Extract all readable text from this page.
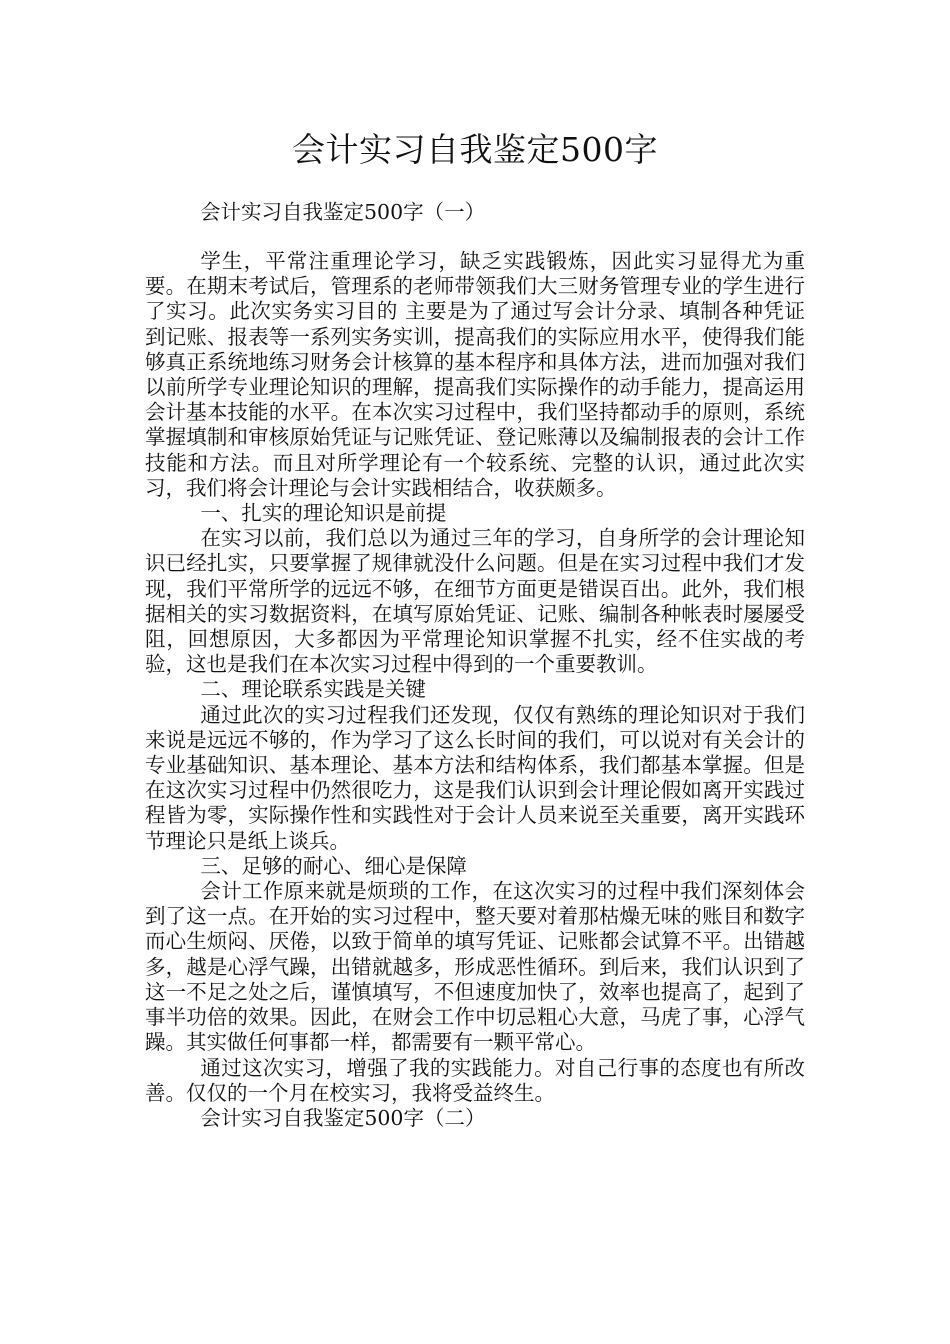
会计实习自我鉴定500字
会计实习自我鉴定500字（一）

学生，平常注重理论学习，缺乏实践锻炼，因此实习显得尤为重要。在期末考试后，管理系的老师带领我们大三财务管理专业的学生进行了实习。此次实务实习目的 主要是为了通过写会计分录、填制各种凭证到记账、报表等一系列实务实训，提高我们的实际应用水平，使得我们能够真正系统地练习财务会计核算的基本程序和具体方法，进而加强对我们以前所学专业理论知识的理解，提高我们实际操作的动手能力，提高运用会计基本技能的水平。在本次实习过程中，我们坚持都动手的原则，系统掌握填制和审核原始凭证与记账凭证、登记账薄以及编制报表的会计工作技能和方法。而且对所学理论有一个较系统、完整的认识，通过此次实习，我们将会计理论与会计实践相结合，收获颇多。

一、扎实的理论知识是前提

在实习以前，我们总以为通过三年的学习，自身所学的会计理论知识已经扎实，只要掌握了规律就没什么问题。但是在实习过程中我们才发现，我们平常所学的远远不够，在细节方面更是错误百出。此外，我们根据相关的实习数据资料，在填写原始凭证、记账、编制各种帐表时屡屡受阻，回想原因，大多都因为平常理论知识掌握不扎实，经不住实战的考验，这也是我们在本次实习过程中得到的一个重要教训。

二、理论联系实践是关键

通过此次的实习过程我们还发现，仅仅有熟练的理论知识对于我们来说是远远不够的，作为学习了这么长时间的我们，可以说对有关会计的专业基础知识、基本理论、基本方法和结构体系，我们都基本掌握。但是在这次实习过程中仍然很吃力，这是我们认识到会计理论假如离开实践过程皆为零，实际操作性和实践性对于会计人员来说至关重要，离开实践环节理论只是纸上谈兵。

三、足够的耐心、细心是保障

会计工作原来就是烦琐的工作，在这次实习的过程中我们深刻体会到了这一点。在开始的实习过程中，整天要对着那枯燥无味的账目和数字而心生烦闷、厌倦，以致于简单的填写凭证、记账都会试算不平。出错越多，越是心浮气躁，出错就越多，形成恶性循环。到后来，我们认识到了这一不足之处之后，谨慎填写，不但速度加快了，效率也提高了，起到了事半功倍的效果。因此，在财会工作中切忌粗心大意，马虎了事，心浮气躁。其实做任何事都一样，都需要有一颗平常心。

通过这次实习，增强了我的实践能力。对自己行事的态度也有所改善。仅仅的一个月在校实习，我将受益终生。

会计实习自我鉴定500字（二）
